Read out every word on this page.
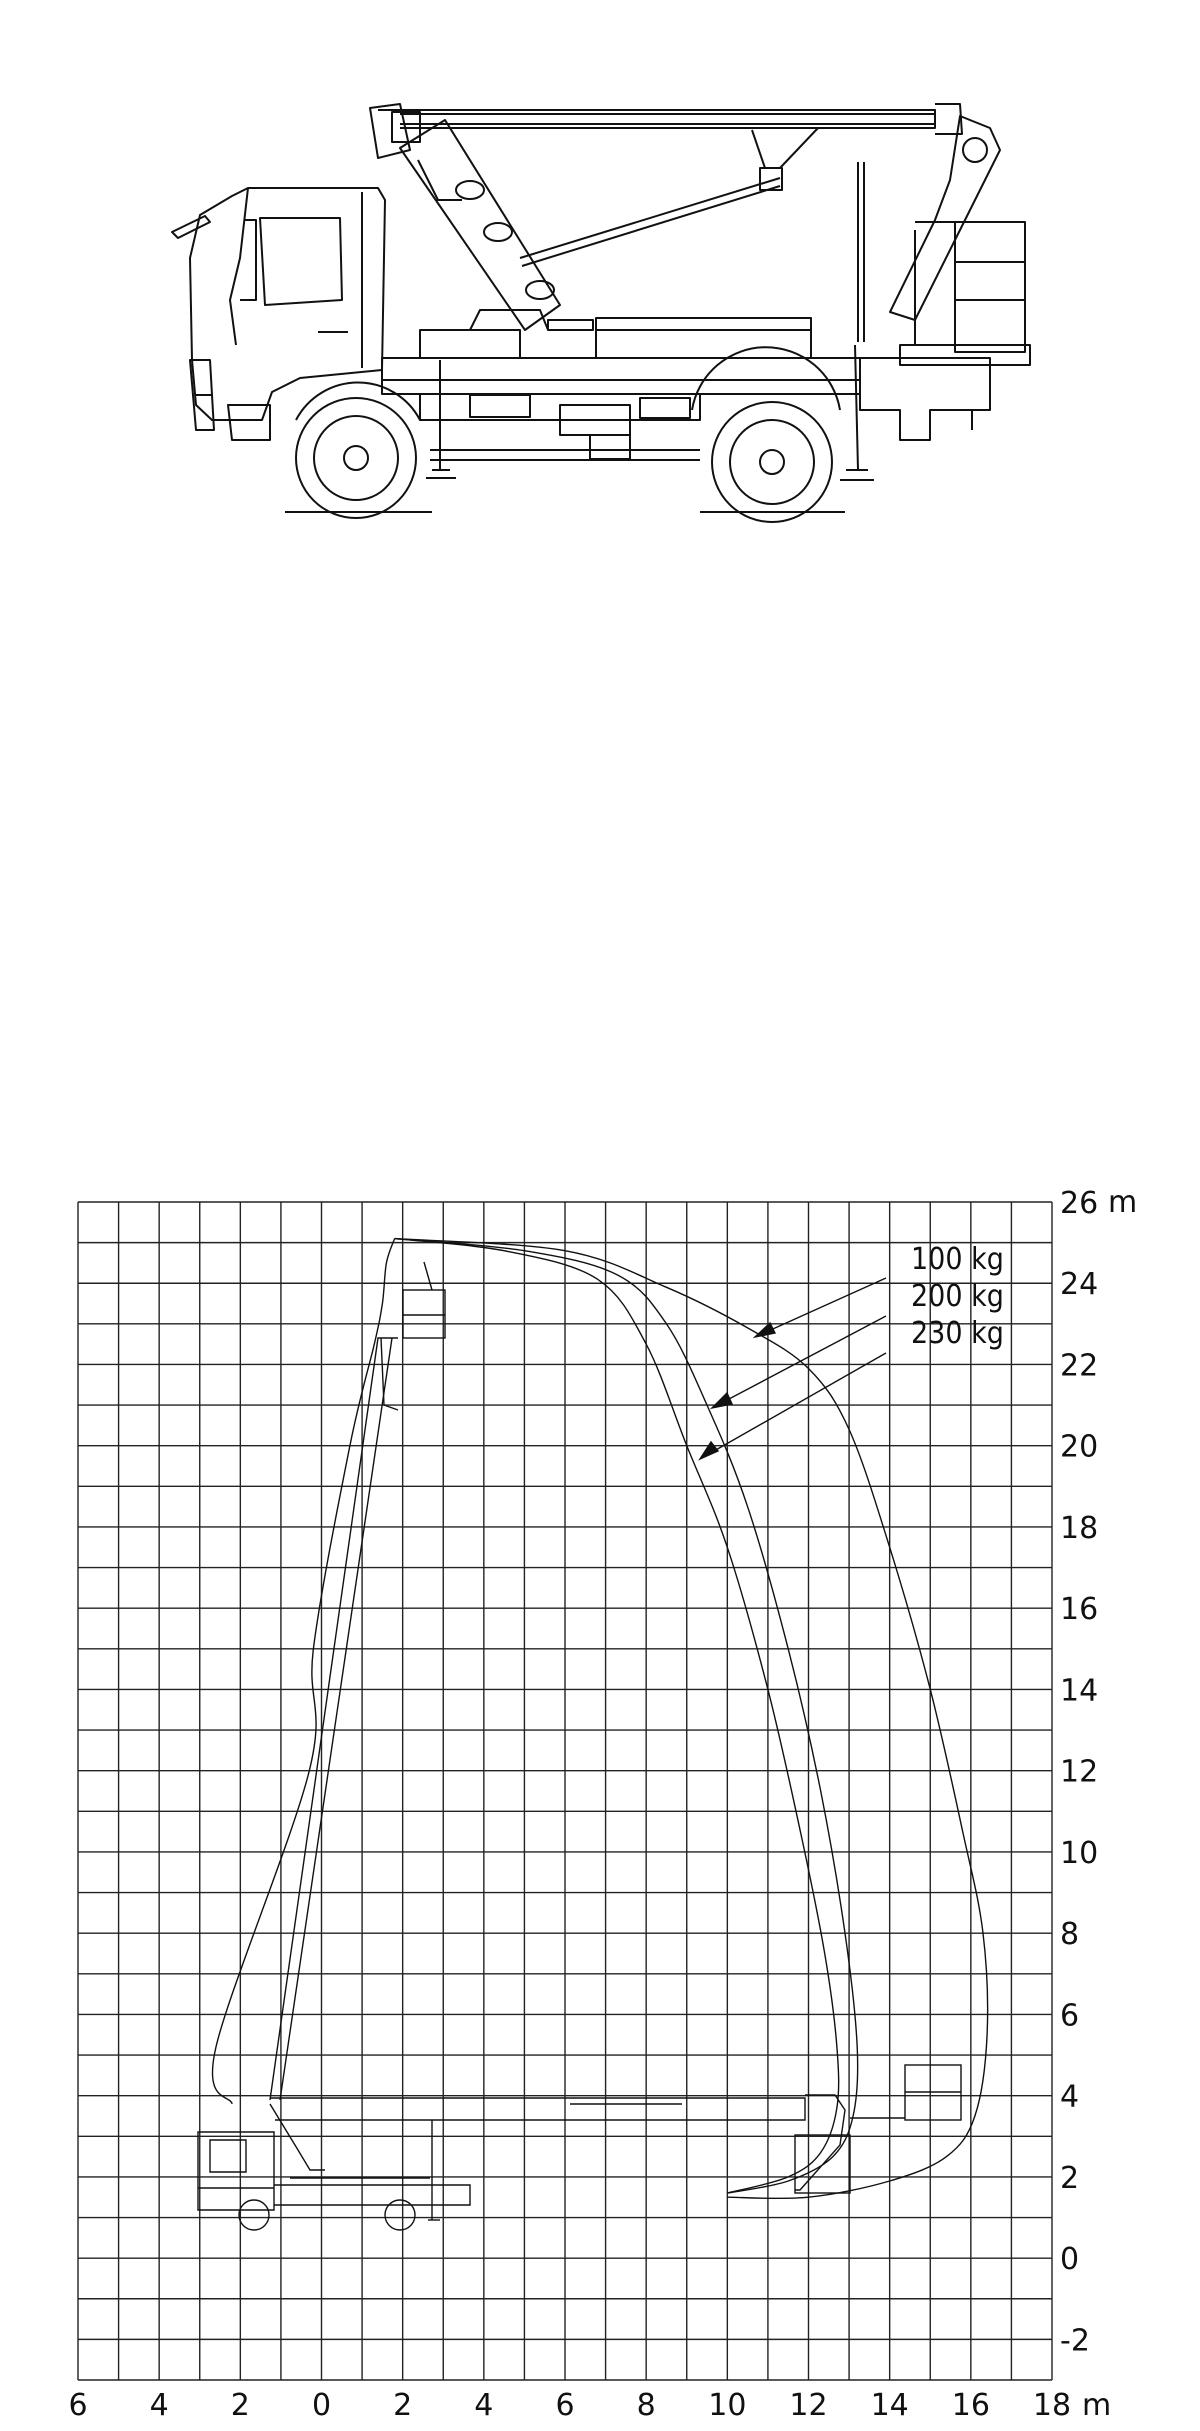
100 kg
200 kg
230 kg
6 4 2 0 2 4 6 8 10 12 14 16 18
-2
0
2
4
6
8
10
12
14
16
18
20
22
24
26 m
m
